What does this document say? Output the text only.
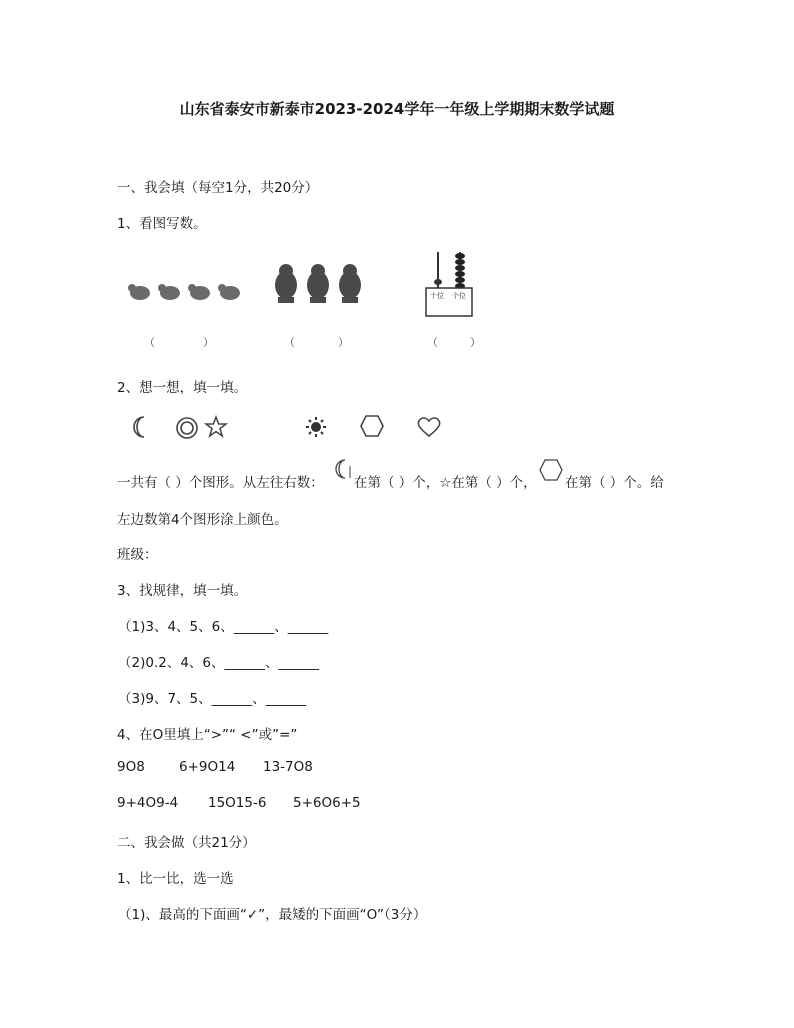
山东省泰安市新泰市2023-2024学年一年级上学期期末数学试题
一、我会填（每空1分，共20分）
1、看图写数。
十位 个位
（	）	（	）	（	）
2、想一想，填一填。
一共有（ ）个图形。从左往右数： 在第（ ）个，☆在第（ ）个， 在第（ ）个。给
左边数第4个图形涂上颜色。
班级：
3、找规律，填一填。
（1)3、4、5、6、______、______
（2)0.2、4、6、______、______
（3)9、7、5、______、______
4、在O里填上“>”“ <”或”=”
9O8	6+9O14 13-7O8
9+4O9-4 15O15-6 5+6O6+5
二、我会做（共21分）
1、比一比，选一选
（1)、最高的下面画“✓”，最矮的下面画“O”（3分）
